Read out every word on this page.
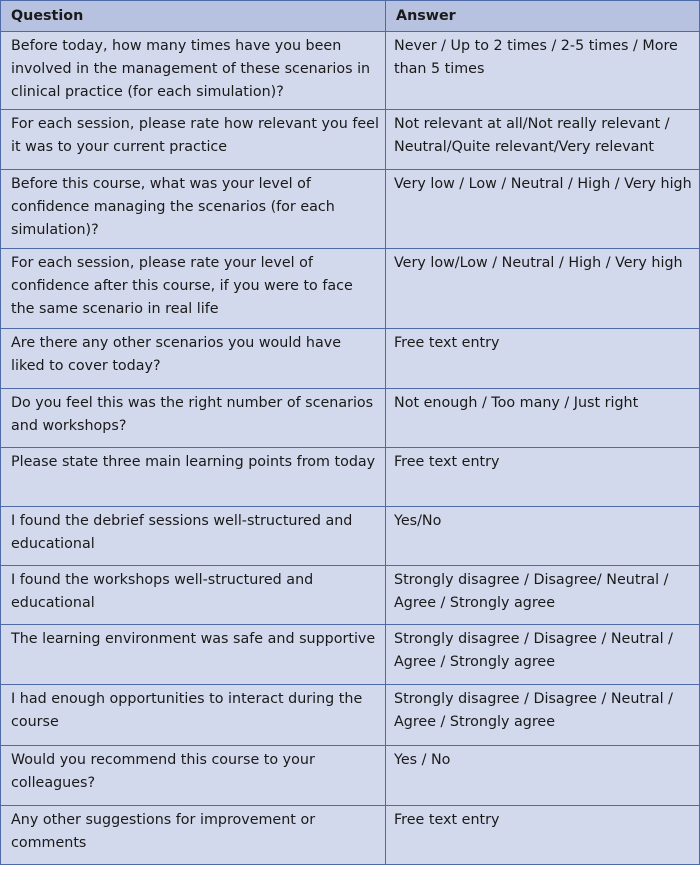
Question	Answer
Before today, how many times have you been involved in the management of these scenarios in clinical practice (for each simulation)?	Never / Up to 2 times / 2-5 times / More than 5 times
For each session, please rate how relevant you feel it was to your current practice	Not relevant at all/Not really relevant / Neutral/Quite relevant/Very relevant
Before this course, what was your level of confidence managing the scenarios (for each simulation)?	Very low / Low / Neutral / High / Very high
For each session, please rate your level of confidence after this course, if you were to face the same scenario in real life	Very low/Low / Neutral / High / Very high
Are there any other scenarios you would have liked to cover today?	Free text entry
Do you feel this was the right number of scenarios and workshops?	Not enough / Too many / Just right
Please state three main learning points from today	Free text entry
I found the debrief sessions well-structured and educational	Yes/No
I found the workshops well-structured and educational	Strongly disagree / Disagree/ Neutral / Agree / Strongly agree
The learning environment was safe and supportive	Strongly disagree / Disagree / Neutral / Agree / Strongly agree
I had enough opportunities to interact during the course	Strongly disagree / Disagree / Neutral / Agree / Strongly agree
Would you recommend this course to your colleagues?	Yes / No
Any other suggestions for improvement or comments	Free text entry
